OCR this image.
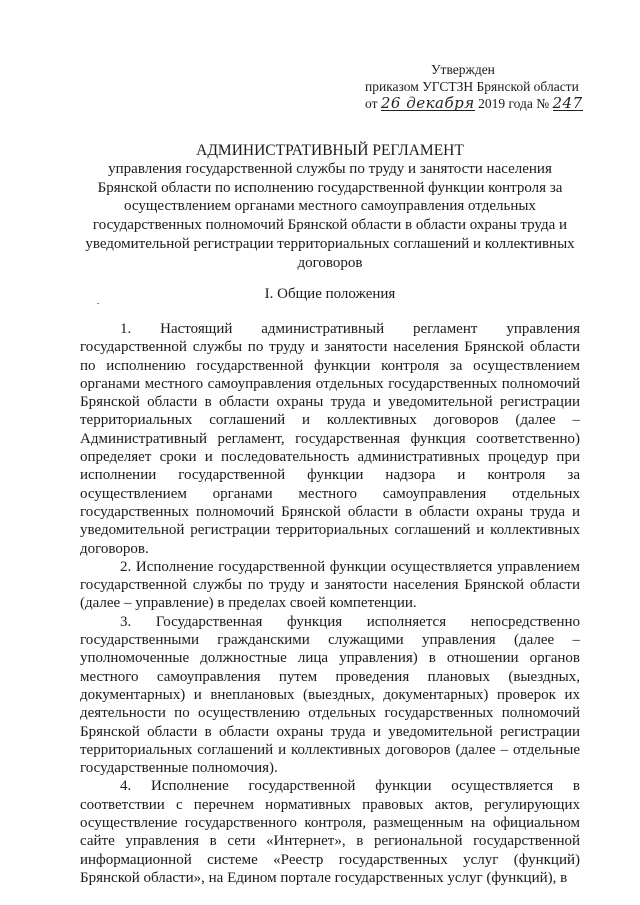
Утвержден
приказом УГСТЗН Брянской области
от 26 декабря 2019 года № 247
АДМИНИСТРАТИВНЫЙ РЕГЛАМЕНТ
управления государственной службы по труду и занятости населения Брянской области по исполнению государственной функции контроля за осуществлением органами местного самоуправления отдельных государственных полномочий Брянской области в области охраны труда и уведомительной регистрации территориальных соглашений и коллективных договоров
I. Общие положения

1. Настоящий административный регламент управления государственной службы по труду и занятости населения Брянской области по исполнению государственной функции контроля за осуществлением органами местного самоуправления отдельных государственных полномочий Брянской области в области охраны труда и уведомительной регистрации территориальных соглашений и коллективных договоров (далее – Административный регламент, государственная функция соответственно) определяет сроки и последовательность административных процедур при исполнении государственной функции надзора и контроля за осуществлением органами местного самоуправления отдельных государственных полномочий Брянской области в области охраны труда и уведомительной регистрации территориальных соглашений и коллективных договоров.

2. Исполнение государственной функции осуществляется управлением государственной службы по труду и занятости населения Брянской области (далее – управление) в пределах своей компетенции.

3. Государственная функция исполняется непосредственно государственными гражданскими служащими управления (далее – уполномоченные должностные лица управления) в отношении органов местного самоуправления путем проведения плановых (выездных, документарных) и внеплановых (выездных, документарных) проверок их деятельности по осуществлению отдельных государственных полномочий Брянской области в области охраны труда и уведомительной регистрации территориальных соглашений и коллективных договоров (далее – отдельные государственные полномочия).

4. Исполнение государственной функции осуществляется в соответствии с перечнем нормативных правовых актов, регулирующих осуществление государственного контроля, размещенным на официальном сайте управления в сети «Интернет», в региональной государственной информационной системе «Реестр государственных услуг (функций) Брянской области», на Едином портале государственных услуг (функций), в
